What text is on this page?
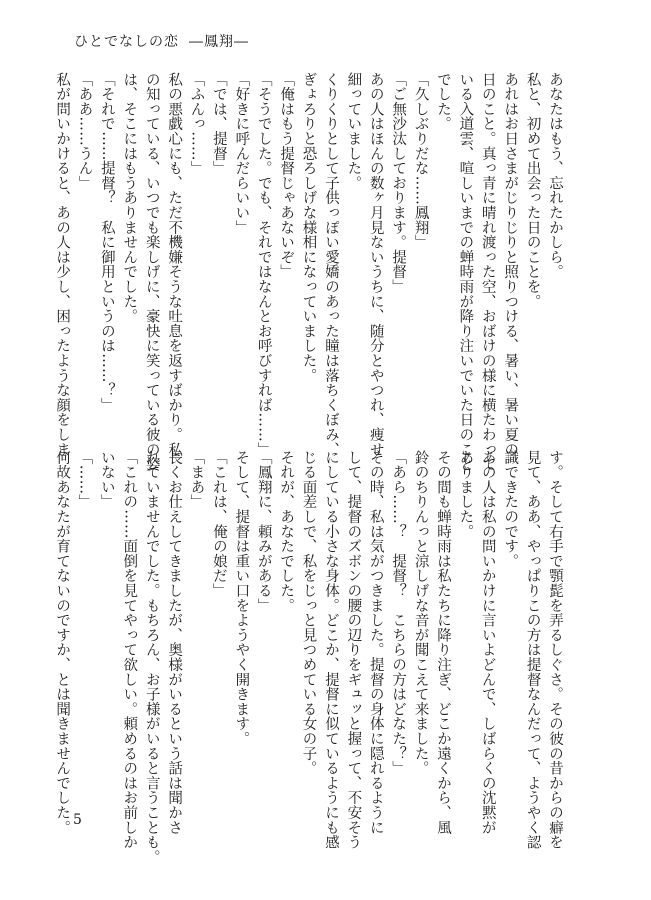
ひとでなしの恋 ―鳳翔―
あなたはもう、忘れたかしら。
私と、初めて出会った日のことを。
あれはお日さまがじりじりと照りつける、暑い、暑い夏の
日のこと。真っ青に晴れ渡った空、おばけの様に横たわって
いる入道雲、喧しいまでの蝉時雨が降り注いでいた日のこと
でした。
「久しぶりだな……鳳翔」
「ご無沙汰しております。提督」
あの人はほんの数ヶ月見ないうちに、随分とやつれ、痩せ
細っていました。
くりくりとして子供っぽい愛嬌のあった瞳は落ちくぼみ、
ぎょろりと恐ろしげな様相になっていました。
「俺はもう提督じゃあないぞ」
「そうでした。でも、それではなんとお呼びすれば……」
「好きに呼んだらいい」
「では、提督」
「ふんっ……」
私の悪戯心にも、ただ不機嫌そうな吐息を返すばかり。私
の知っている、いつでも楽しげに、豪快に笑っている彼の姿
は、そこにはもうありませんでした。
「それで……提督？　私に御用というのは……？」
「ああ……うん」
私が問いかけると、あの人は少し、困ったような顔をしま
す。そして右手で顎髭を弄るしぐさ。その彼の昔からの癖を
見て、ああ、やっぱりこの方は提督なんだって、ようやく認
識できたのです。
あの人は私の問いかけに言いよどんで、しばらくの沈黙が
ありました。
その間も蝉時雨は私たちに降り注ぎ、どこか遠くから、風
鈴のちりんっと涼しげな音が聞こえて来ました。
「あら……？　提督？　こちらの方はどなた？」
その時、私は気がつきました。提督の身体に隠れるように
して、提督のズボンの腰の辺りをギュッと握って、不安そう
にしている小さな身体。どこか、提督に似ているようにも感
じる面差しで、私をじっと見つめている女の子。
それが、あなたでした。
「鳳翔に、頼みがある」
そして、提督は重い口をようやく開きます。
「これは、俺の娘だ」
「まあ」
長くお仕えしてきましたが、奥様がいるという話は聞かさ
れていませんでした。もちろん、お子様がいると言うことも。
「これの……面倒を見てやって欲しい。頼めるのはお前しか
いない」
「……」
何故あなたが育てないのですか、とは聞きませんでした。 5
